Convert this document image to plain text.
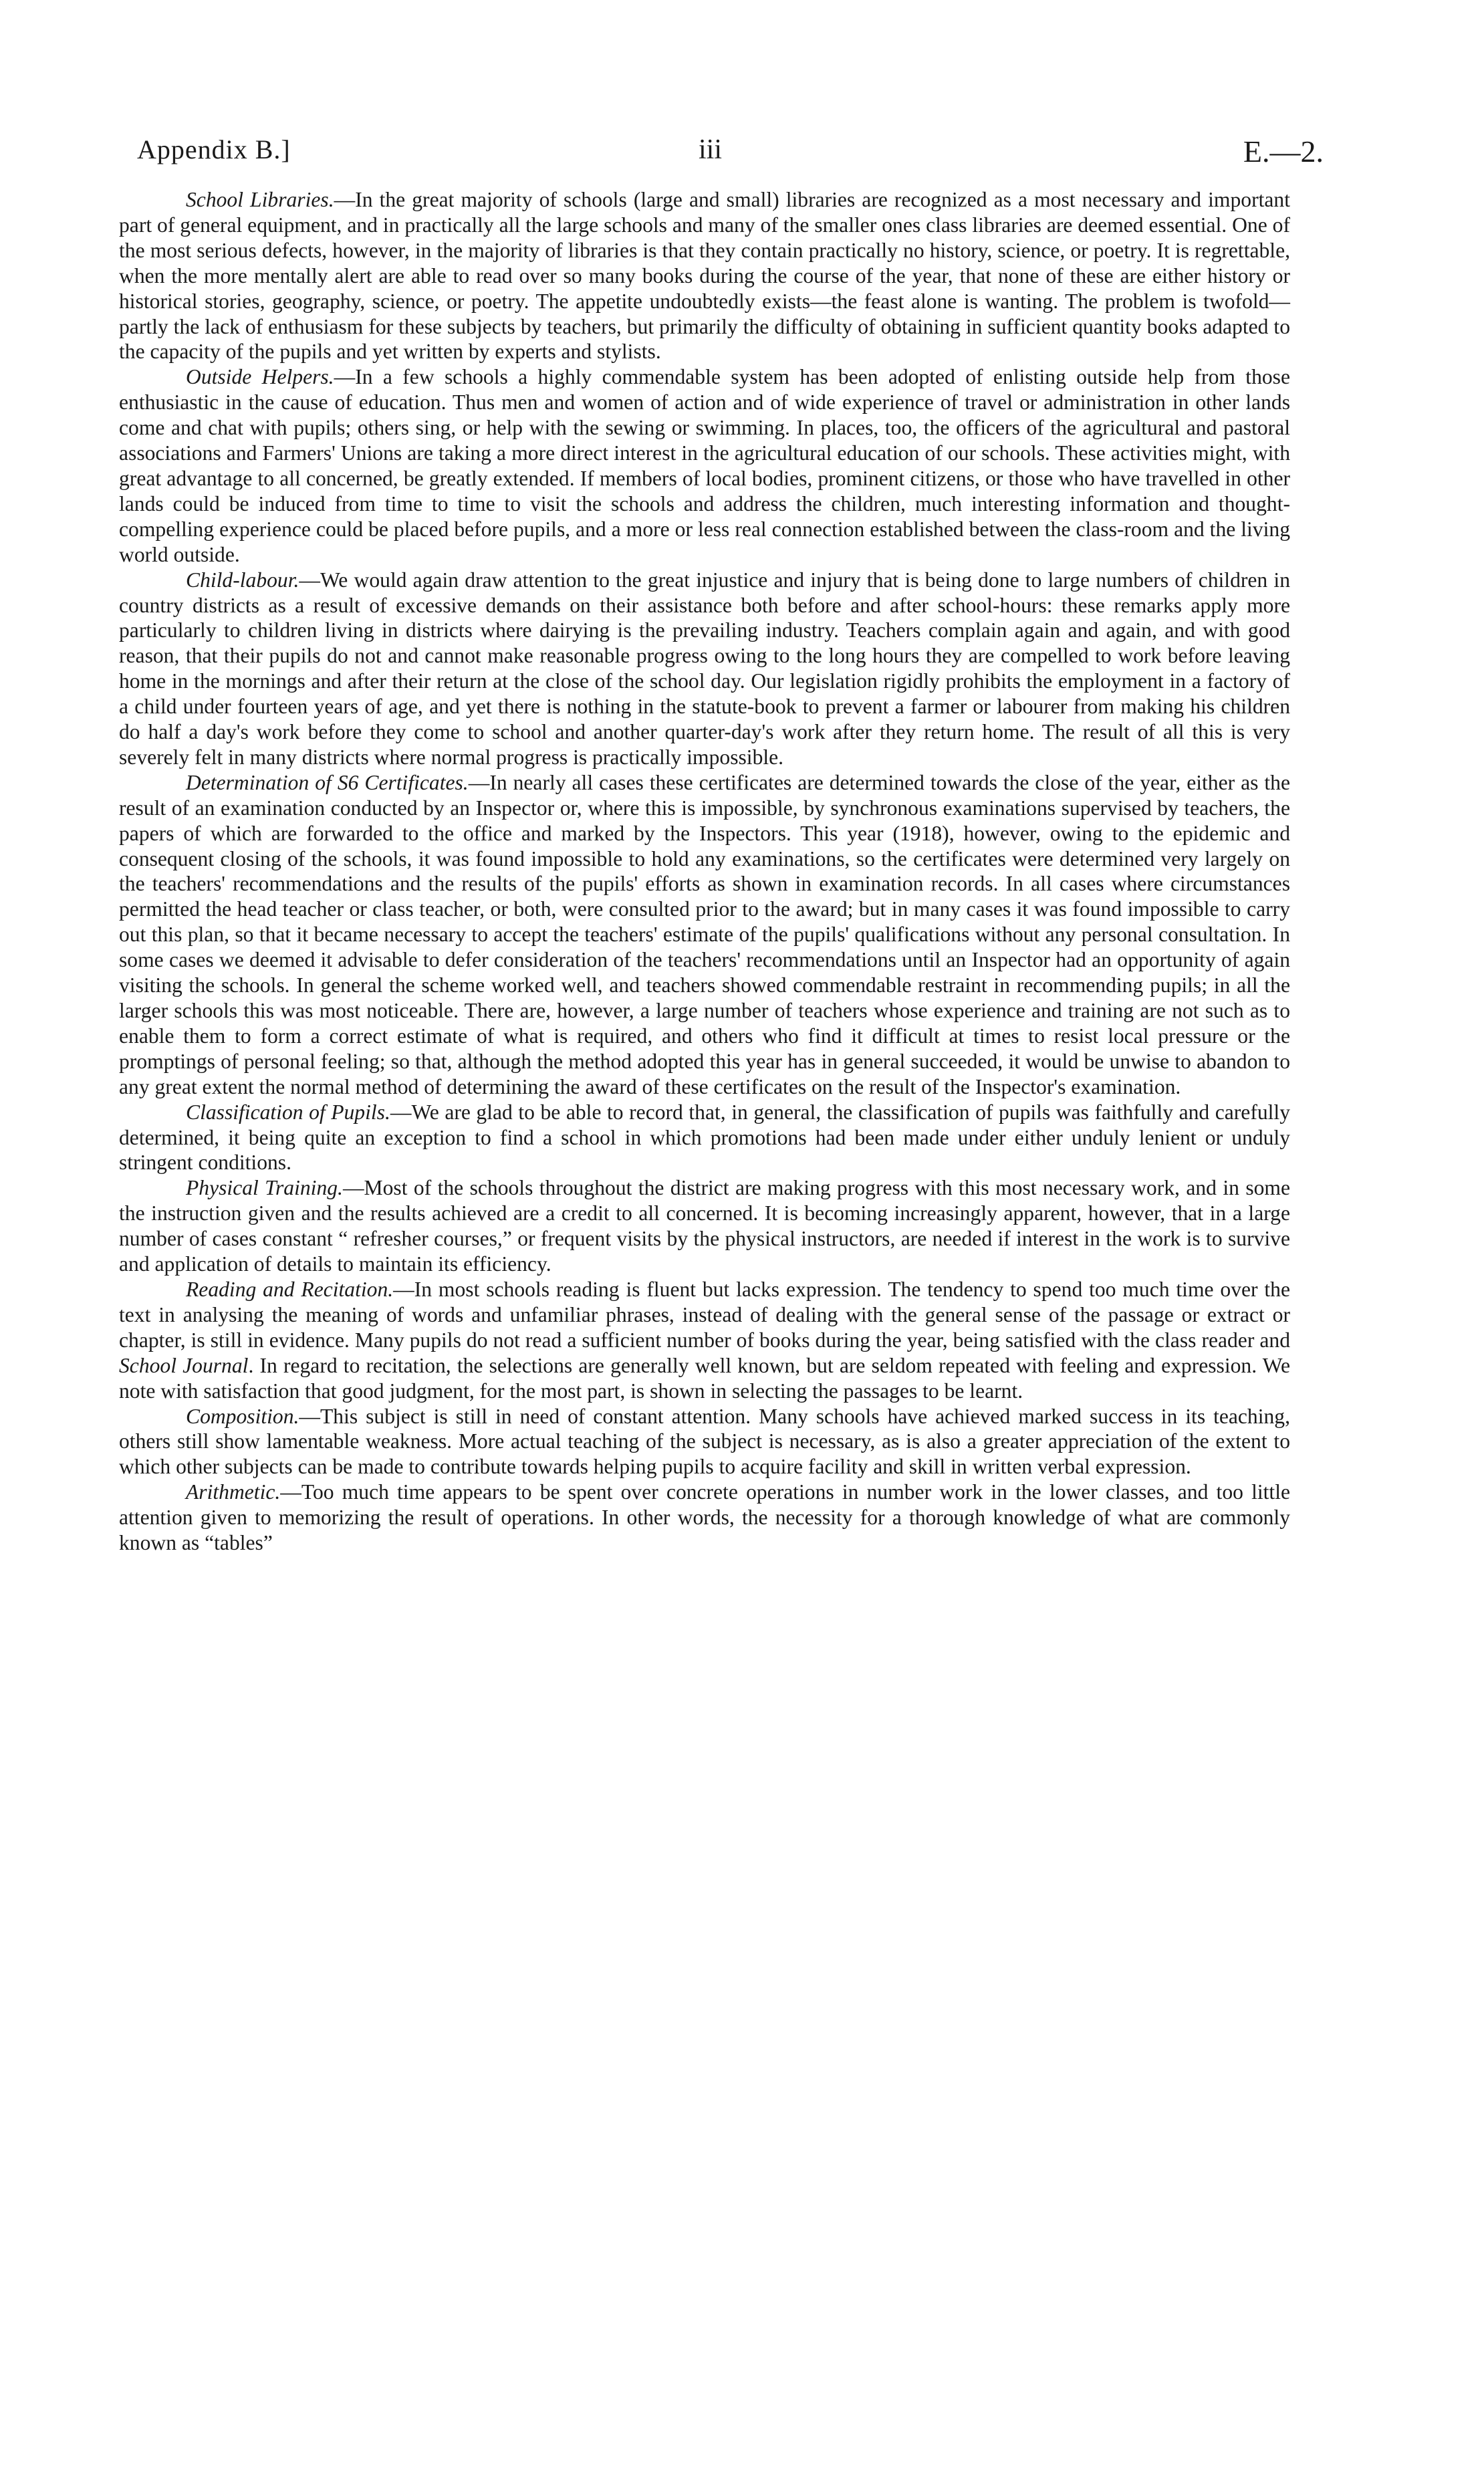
Appendix B.]	iii	E.—2.

School Libraries.—In the great majority of schools (large and small) libraries are recognized as a most necessary and important part of general equipment, and in practically all the large schools and many of the smaller ones class libraries are deemed essential. One of the most serious defects, however, in the majority of libraries is that they contain practically no history, science, or poetry. It is regrettable, when the more mentally alert are able to read over so many books during the course of the year, that none of these are either history or historical stories, geography, science, or poetry. The appetite undoubtedly exists—the feast alone is wanting. The problem is twofold—partly the lack of enthusiasm for these subjects by teachers, but primarily the difficulty of obtaining in sufficient quantity books adapted to the capacity of the pupils and yet written by experts and stylists.

Outside Helpers.—In a few schools a highly commendable system has been adopted of enlisting outside help from those enthusiastic in the cause of education. Thus men and women of action and of wide experience of travel or administration in other lands come and chat with pupils; others sing, or help with the sewing or swimming. In places, too, the officers of the agricultural and pastoral associations and Farmers' Unions are taking a more direct interest in the agricultural education of our schools. These activities might, with great advantage to all concerned, be greatly extended. If members of local bodies, prominent citizens, or those who have travelled in other lands could be induced from time to time to visit the schools and address the children, much interesting information and thought-compelling experience could be placed before pupils, and a more or less real connection established between the class-room and the living world outside.

Child-labour.—We would again draw attention to the great injustice and injury that is being done to large numbers of children in country districts as a result of excessive demands on their assistance both before and after school-hours: these remarks apply more particularly to children living in districts where dairying is the prevailing industry. Teachers complain again and again, and with good reason, that their pupils do not and cannot make reasonable progress owing to the long hours they are compelled to work before leaving home in the mornings and after their return at the close of the school day. Our legislation rigidly prohibits the employment in a factory of a child under fourteen years of age, and yet there is nothing in the statute-book to prevent a farmer or labourer from making his children do half a day's work before they come to school and another quarter-day's work after they return home. The result of all this is very severely felt in many districts where normal progress is practically impossible.

Determination of S6 Certificates.—In nearly all cases these certificates are determined towards the close of the year, either as the result of an examination conducted by an Inspector or, where this is impossible, by synchronous examinations supervised by teachers, the papers of which are forwarded to the office and marked by the Inspectors. This year (1918), however, owing to the epidemic and consequent closing of the schools, it was found impossible to hold any examinations, so the certificates were determined very largely on the teachers' recommendations and the results of the pupils' efforts as shown in examination records. In all cases where circumstances permitted the head teacher or class teacher, or both, were consulted prior to the award; but in many cases it was found impossible to carry out this plan, so that it became necessary to accept the teachers' estimate of the pupils' qualifications without any personal consultation. In some cases we deemed it advisable to defer consideration of the teachers' recommendations until an Inspector had an opportunity of again visiting the schools. In general the scheme worked well, and teachers showed commendable restraint in recommending pupils; in all the larger schools this was most noticeable. There are, however, a large number of teachers whose experience and training are not such as to enable them to form a correct estimate of what is required, and others who find it difficult at times to resist local pressure or the promptings of personal feeling; so that, although the method adopted this year has in general succeeded, it would be unwise to abandon to any great extent the normal method of determining the award of these certificates on the result of the Inspector's examination.

Classification of Pupils.—We are glad to be able to record that, in general, the classification of pupils was faithfully and carefully determined, it being quite an exception to find a school in which promotions had been made under either unduly lenient or unduly stringent conditions.

Physical Training.—Most of the schools throughout the district are making progress with this most necessary work, and in some the instruction given and the results achieved are a credit to all concerned. It is becoming increasingly apparent, however, that in a large number of cases constant “ refresher courses,” or frequent visits by the physical instructors, are needed if interest in the work is to survive and application of details to maintain its efficiency.

Reading and Recitation.—In most schools reading is fluent but lacks expression. The tendency to spend too much time over the text in analysing the meaning of words and unfamiliar phrases, instead of dealing with the general sense of the passage or extract or chapter, is still in evidence. Many pupils do not read a sufficient number of books during the year, being satisfied with the class reader and School Journal. In regard to recitation, the selections are generally well known, but are seldom repeated with feeling and expression. We note with satisfaction that good judgment, for the most part, is shown in selecting the passages to be learnt.

Composition.—This subject is still in need of constant attention. Many schools have achieved marked success in its teaching, others still show lamentable weakness. More actual teaching of the subject is necessary, as is also a greater appreciation of the extent to which other subjects can be made to contribute towards helping pupils to acquire facility and skill in written verbal expression.

Arithmetic.—Too much time appears to be spent over concrete operations in number work in the lower classes, and too little attention given to memorizing the result of operations. In other words, the necessity for a thorough knowledge of what are commonly known as “tables”
